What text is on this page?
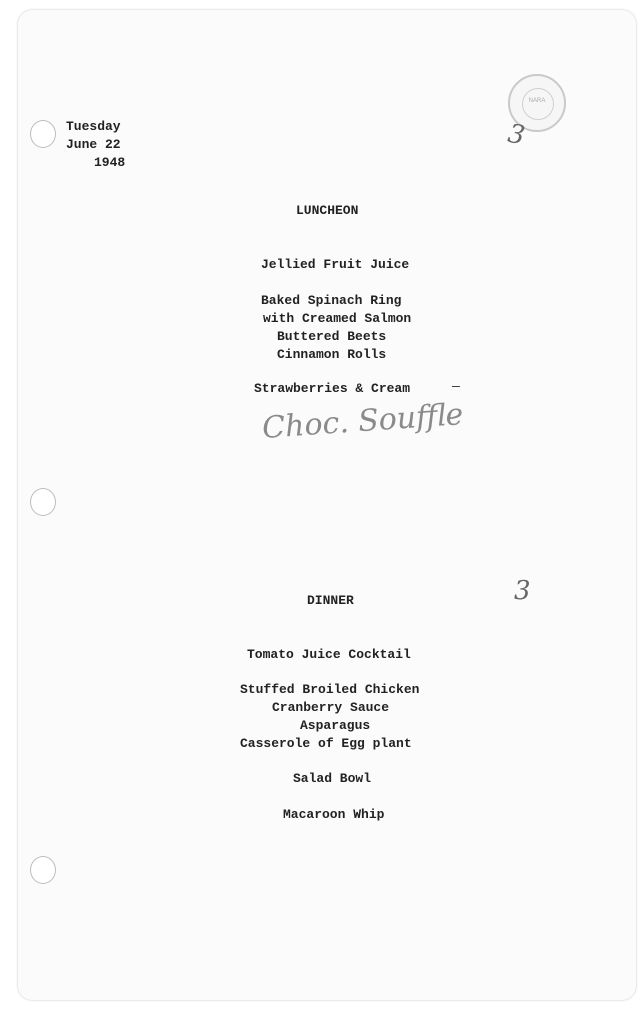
NARA
Tuesday
June 22
1948
3
3
LUNCHEON
Jellied Fruit Juice
Baked Spinach Ring
with Creamed Salmon
Buttered Beets
Cinnamon Rolls
Strawberries & Cream	—
Choc. Souffle
DINNER
Tomato Juice Cocktail
Stuffed Broiled Chicken
Cranberry Sauce
Asparagus
Casserole of Egg plant
Salad Bowl
Macaroon Whip
